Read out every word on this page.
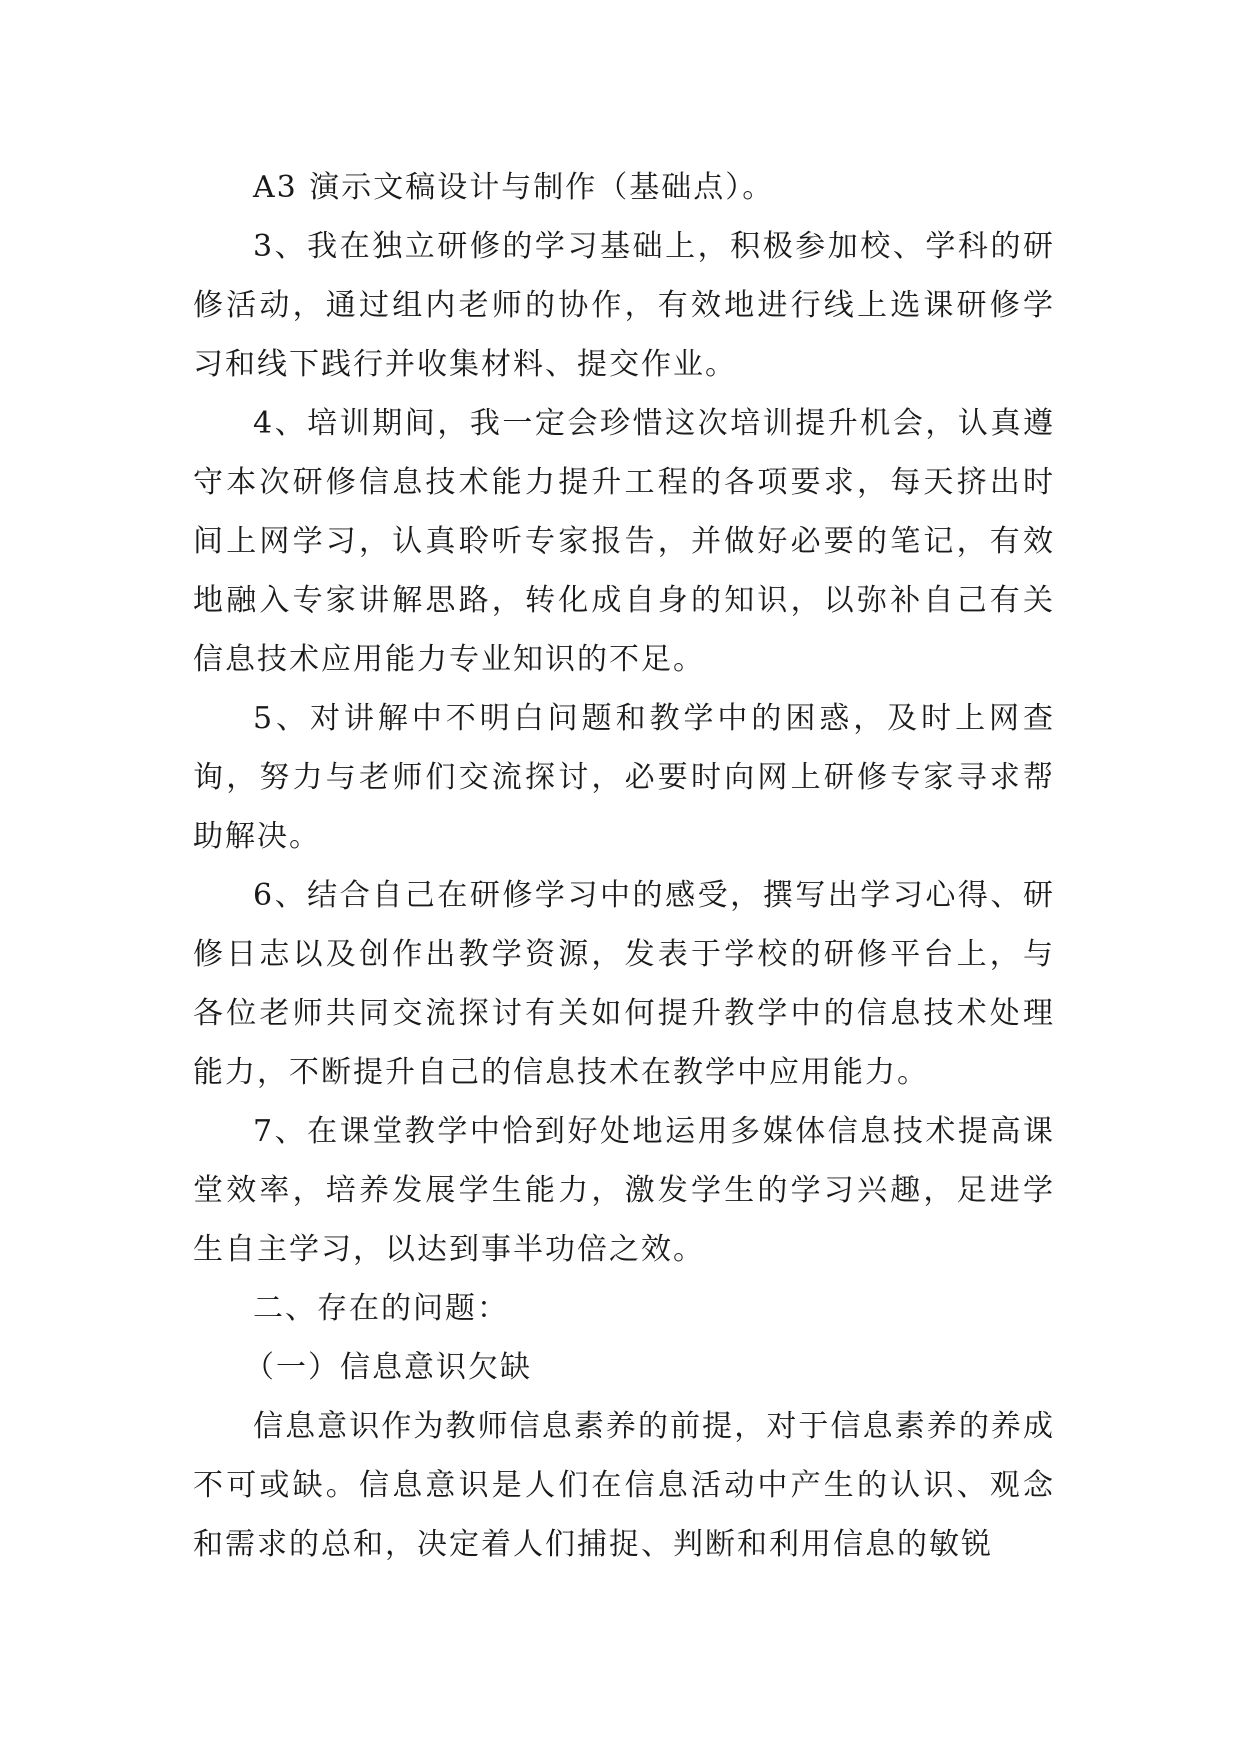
A3 演示文稿设计与制作（基础点）。

3、我在独立研修的学习基础上，积极参加校、学科的研修活动，通过组内老师的协作，有效地进行线上选课研修学习和线下践行并收集材料、提交作业。

4、培训期间，我一定会珍惜这次培训提升机会，认真遵守本次研修信息技术能力提升工程的各项要求，每天挤出时间上网学习，认真聆听专家报告，并做好必要的笔记，有效地融入专家讲解思路，转化成自身的知识，以弥补自己有关信息技术应用能力专业知识的不足。

5、对讲解中不明白问题和教学中的困惑，及时上网查询，努力与老师们交流探讨，必要时向网上研修专家寻求帮助解决。

6、结合自己在研修学习中的感受，撰写出学习心得、研修日志以及创作出教学资源，发表于学校的研修平台上，与各位老师共同交流探讨有关如何提升教学中的信息技术处理能力，不断提升自己的信息技术在教学中应用能力。

7、在课堂教学中恰到好处地运用多媒体信息技术提高课堂效率，培养发展学生能力，激发学生的学习兴趣，足进学生自主学习，以达到事半功倍之效。

二、存在的问题：

（一）信息意识欠缺

信息意识作为教师信息素养的前提，对于信息素养的养成不可或缺。信息意识是人们在信息活动中产生的认识、观念和需求的总和，决定着人们捕捉、判断和利用信息的敏锐
